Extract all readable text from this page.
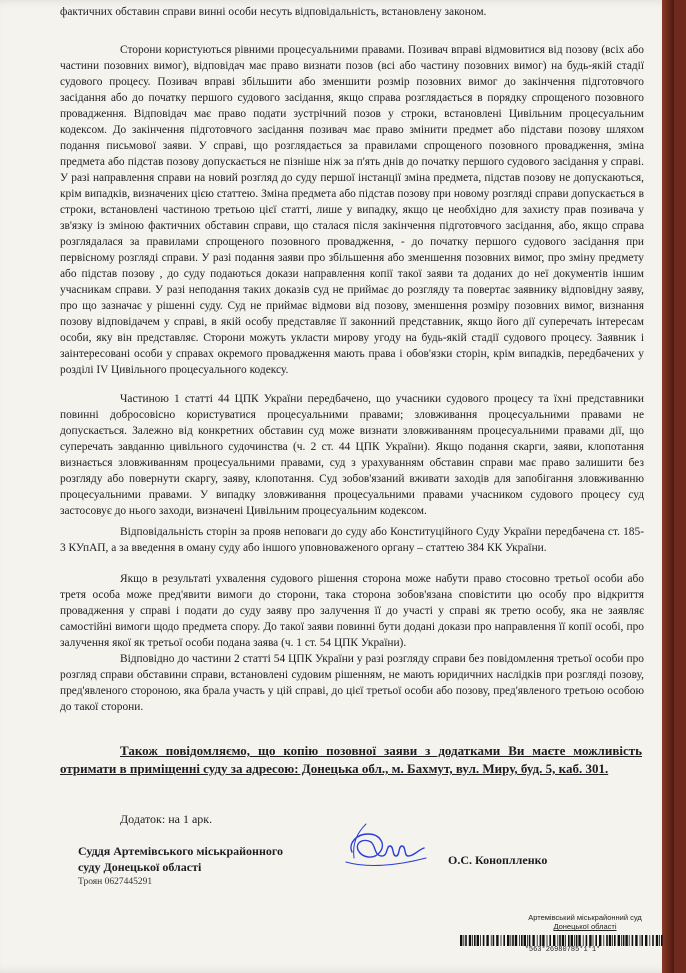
фактичних обставин справи винні особи несуть відповідальність, встановлену законом.

Сторони користуються рівними процесуальними правами. Позивач вправі відмовитися від позову (всіх або частини позовних вимог), відповідач має право визнати позов (всі або частину позовних вимог) на будь-якій стадії судового процесу. Позивач вправі збільшити або зменшити розмір позовних вимог до закінчення підготовчого засідання або до початку першого судового засідання, якщо справа розглядається в порядку спрощеного позовного провадження. Відповідач має право подати зустрічний позов у строки, встановлені Цивільним процесуальним кодексом. До закінчення підготовчого засідання позивач має право змінити предмет або підстави позову шляхом подання письмової заяви. У справі, що розглядається за правилами спрощеного позовного провадження, зміна предмета або підстав позову допускається не пізніше ніж за п'ять днів до початку першого судового засідання у справі. У разі направлення справи на новий розгляд до суду першої інстанції зміна предмета, підстав позову не допускаються, крім випадків, визначених цією статтею. Зміна предмета або підстав позову при новому розгляді справи допускається в строки, встановлені частиною третьою цієї статті, лише у випадку, якщо це необхідно для захисту прав позивача у зв'язку із зміною фактичних обставин справи, що сталася після закінчення підготовчого засідання, або, якщо справа розглядалася за правилами спрощеного позовного провадження, - до початку першого судового засідання при первісному розгляді справи. У разі подання заяви про збільшення або зменшення позовних вимог, про зміну предмету або підстав позову , до суду подаються докази направлення копії такої заяви та доданих до неї документів іншим учасникам справи. У разі неподання таких доказів суд не приймає до розгляду та повертає заявнику відповідну заяву, про що зазначає у рішенні суду. Суд не приймає відмови від позову, зменшення розміру позовних вимог, визнання позову відповідачем у справі, в якій особу представляє її законний представник, якщо його дії суперечать інтересам особи, яку він представляє. Сторони можуть укласти мирову угоду на будь-якій стадії судового процесу. Заявник і заінтересовані особи у справах окремого провадження мають права і обов'язки сторін, крім випадків, передбачених у розділі IV Цивільного процесуального кодексу.

Частиною 1 статті 44 ЦПК України передбачено, що учасники судового процесу та їхні представники повинні добросовісно користуватися процесуальними правами; зловживання процесуальними правами не допускається. Залежно від конкретних обставин суд може визнати зловживанням процесуальними правами дії, що суперечать завданню цивільного судочинства (ч. 2 ст. 44 ЦПК України). Якщо подання скарги, заяви, клопотання визнається зловживанням процесуальними правами, суд з урахуванням обставин справи має право залишити без розгляду або повернути скаргу, заяву, клопотання. Суд зобов'язаний вживати заходів для запобігання зловживанню процесуальними правами. У випадку зловживання процесуальними правами учасником судового процесу суд застосовує до нього заходи, визначені Цивільним процесуальним кодексом.

Відповідальність сторін за прояв неповаги до суду або Конституційного Суду України передбачена ст. 185-3 КУпАП, а за введення в оману суду або іншого уповноваженого органу – статтею 384 КК України.

Якщо в результаті ухвалення судового рішення сторона може набути право стосовно третьої особи або третя особа може пред'явити вимоги до сторони, така сторона зобов'язана сповістити цю особу про відкриття провадження у справі і подати до суду заяву про залучення її до участі у справі як третю особу, яка не заявляє самостійні вимоги щодо предмета спору. До такої заяви повинні бути додані докази про направлення її копії особі, про залучення якої як третьої особи подана заява (ч. 1 ст. 54 ЦПК України).

Відповідно до частини 2 статті 54 ЦПК України у разі розгляду справи без повідомлення третьої особи про розгляд справи обставини справи, встановлені судовим рішенням, не мають юридичних наслідків при розгляді позову, пред'явленого стороною, яка брала участь у цій справі, до цієї третьої особи або позову, пред'явленого третьою особою до такої сторони.

Також повідомляємо, що копію позовної заяви з додатками Ви маєте можливість отримати в приміщенні суду за адресою: Донецька обл., м. Бахмут, вул. Миру, буд. 5, каб. 301.
Додаток: на 1 арк.
Суддя Артемівського міськрайонного
суду Донецької області
Троян 0627445291
О.С. Коноплленко
Артемівський міськрайонний суд
Донецької області
*563*26980785*1*1*
